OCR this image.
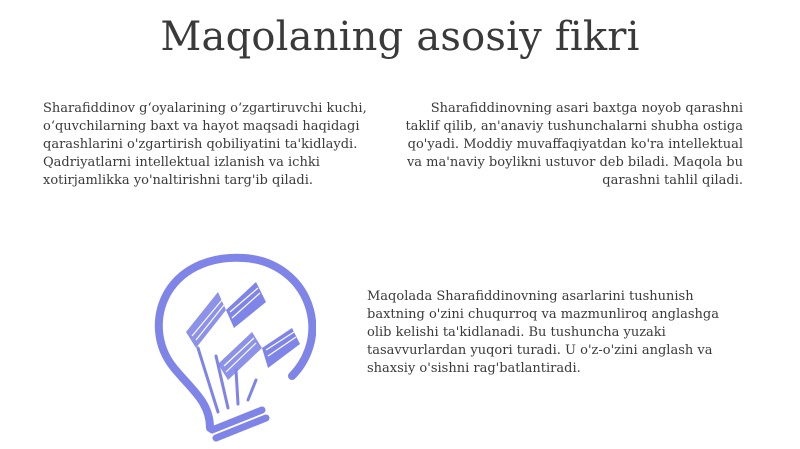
Maqolaning asosiy fikri

Sharafiddinov g‘oyalarining o‘zgartiruvchi kuchi, o‘quvchilarning baxt va hayot maqsadi haqidagi qarashlarini o'zgartirish qobiliyatini ta'kidlaydi. Qadriyatlarni intellektual izlanish va ichki xotirjamlikka yo'naltirishni targ'ib qiladi.

Sharafiddinovning asari baxtga noyob qarashni taklif qilib, an'anaviy tushunchalarni shubha ostiga qo'yadi. Moddiy muvaffaqiyatdan ko'ra intellektual va ma'naviy boylikni ustuvor deb biladi. Maqola bu qarashni tahlil qiladi.

Maqolada Sharafiddinovning asarlarini tushunish baxtning o'zini chuqurroq va mazmunliroq anglashga olib kelishi ta'kidlanadi. Bu tushuncha yuzaki tasavvurlardan yuqori turadi. U o'z-o'zini anglash va shaxsiy o'sishni rag'batlantiradi.
